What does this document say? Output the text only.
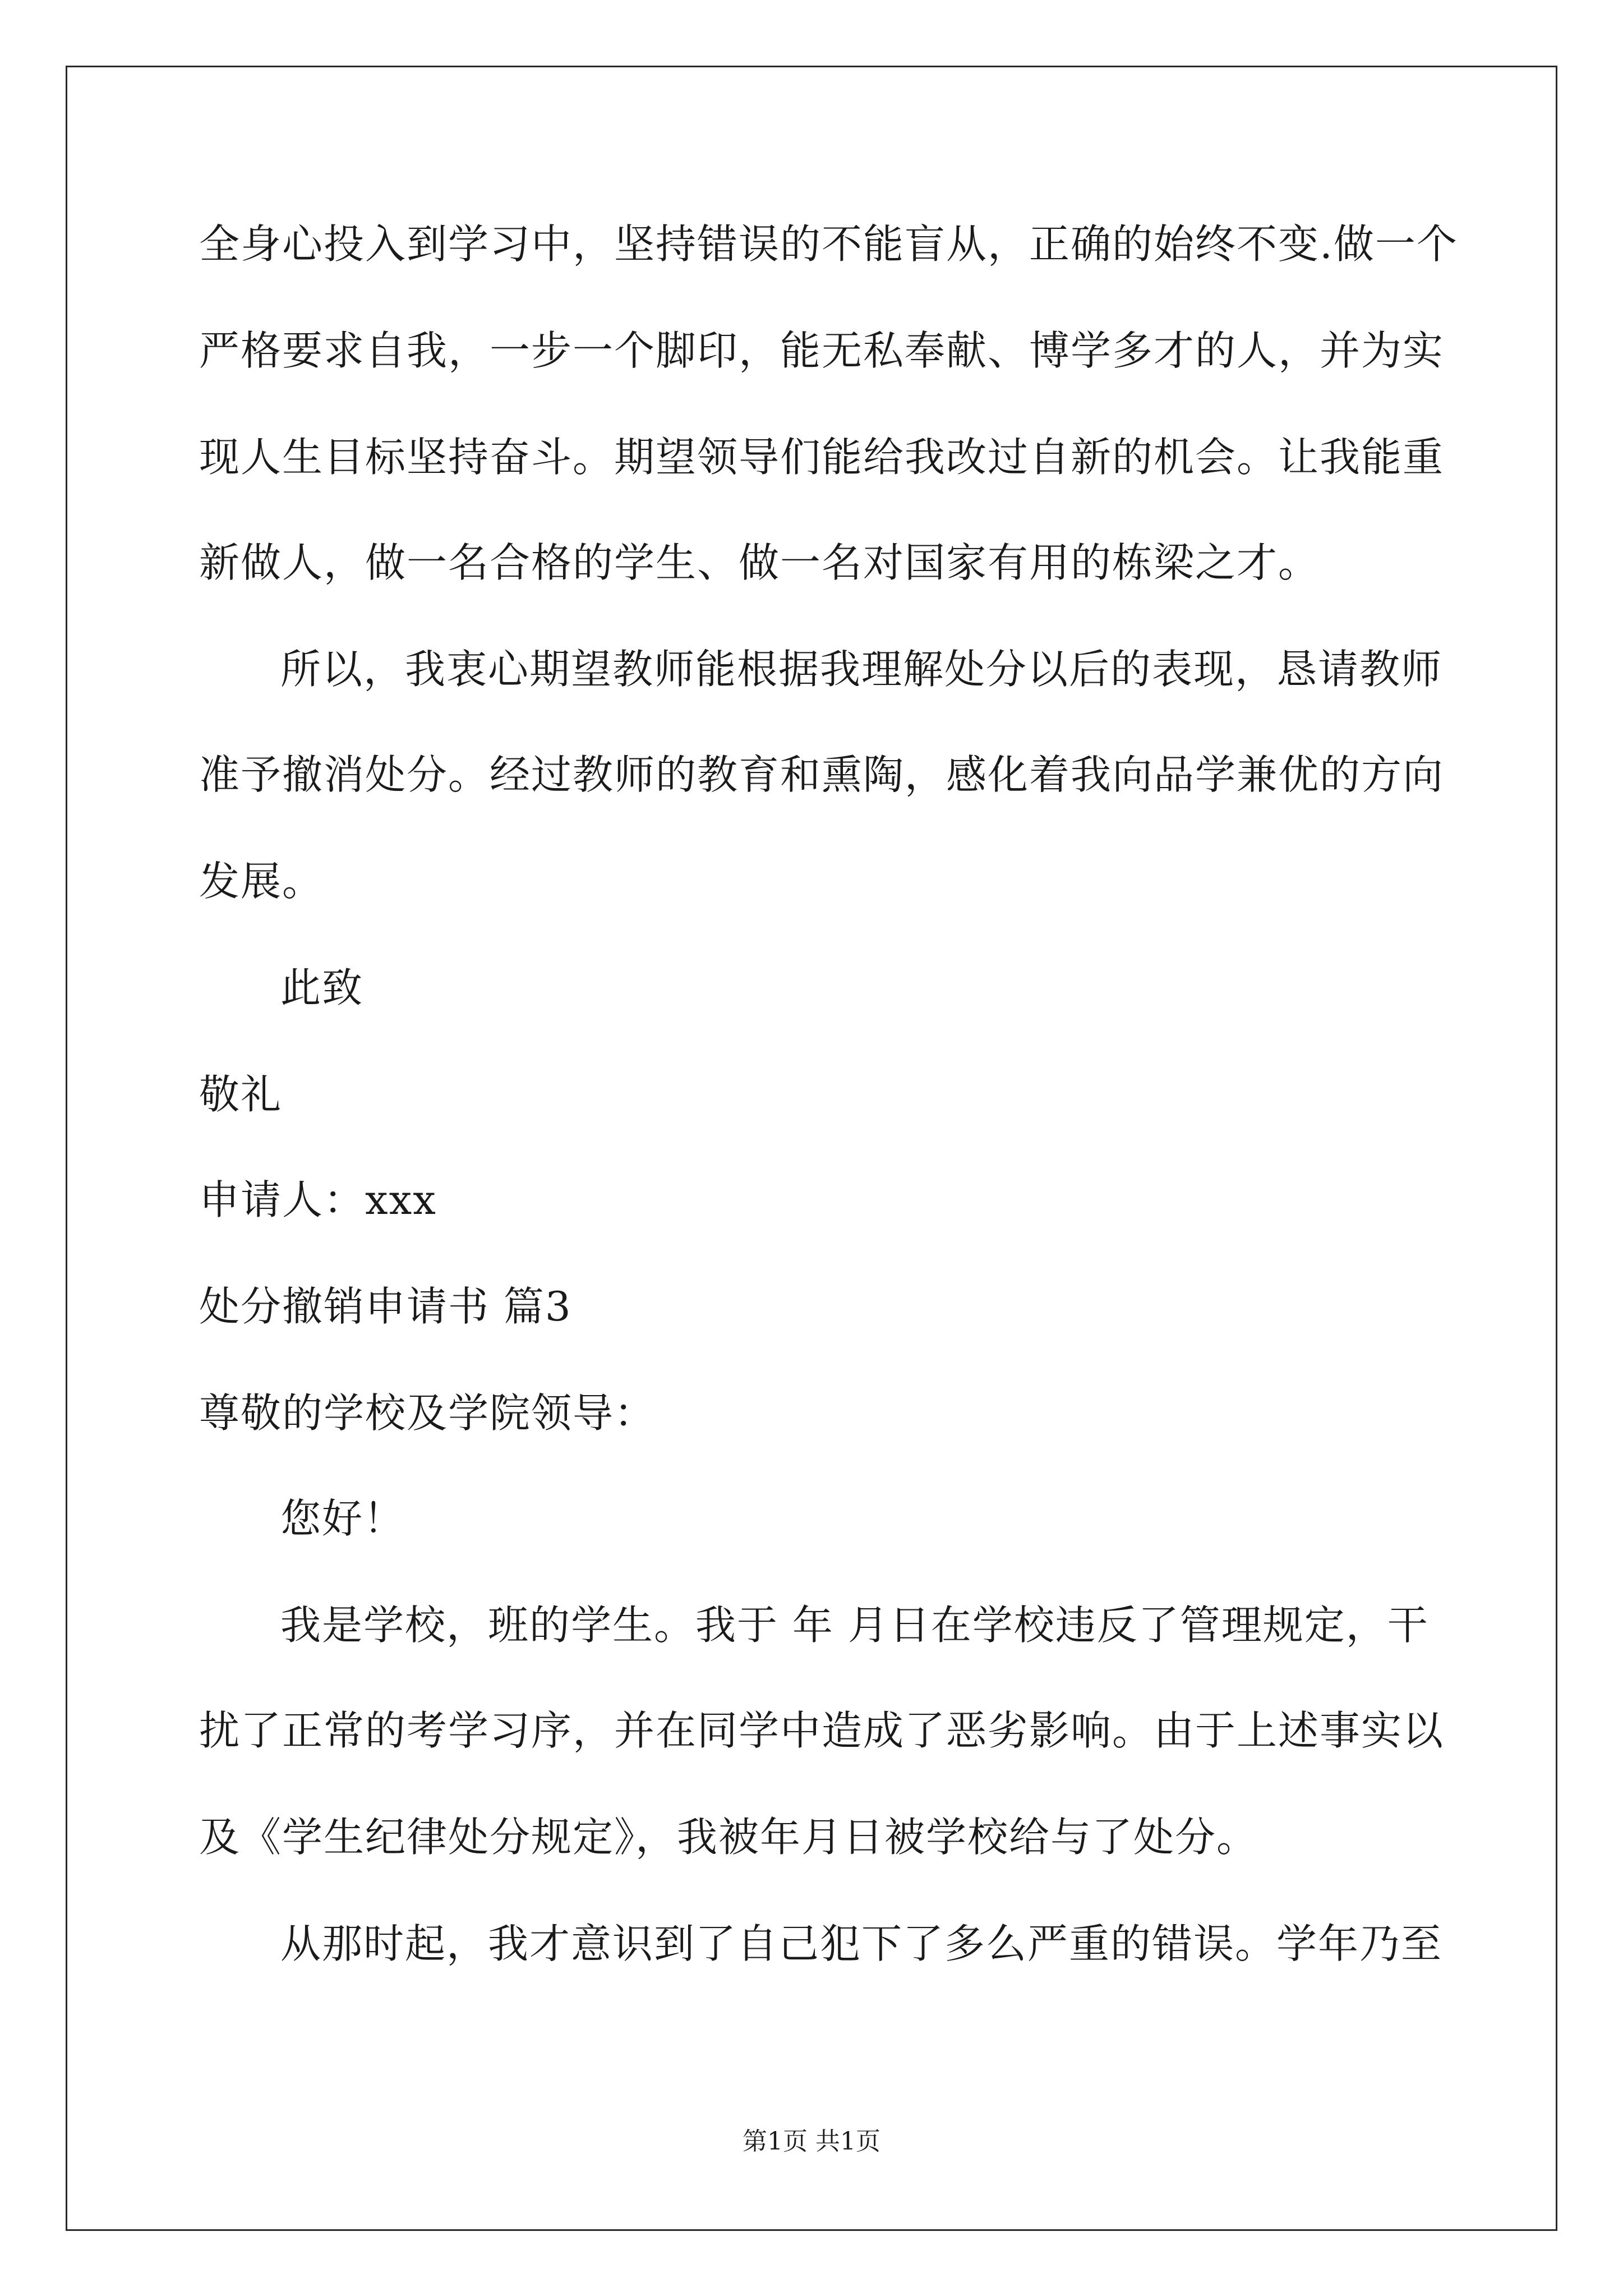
全身心投入到学习中，坚持错误的不能盲从，正确的始终不变.做一个
严格要求自我，一步一个脚印，能无私奉献、博学多才的人，并为实
现人生目标坚持奋斗。期望领导们能给我改过自新的机会。让我能重
新做人，做一名合格的学生、做一名对国家有用的栋梁之才。
所以，我衷心期望教师能根据我理解处分以后的表现，恳请教师
准予撤消处分。经过教师的教育和熏陶，感化着我向品学兼优的方向
发展。
此致
敬礼
申请人：xxx
处分撤销申请书 篇3
尊敬的学校及学院领导：
您好！
我是学校，班的学生。我于 年 月日在学校违反了管理规定，干
扰了正常的考学习序，并在同学中造成了恶劣影响。由于上述事实以
及《学生纪律处分规定》，我被年月日被学校给与了处分。
从那时起，我才意识到了自己犯下了多么严重的错误。学年乃至
第1页 共1页
